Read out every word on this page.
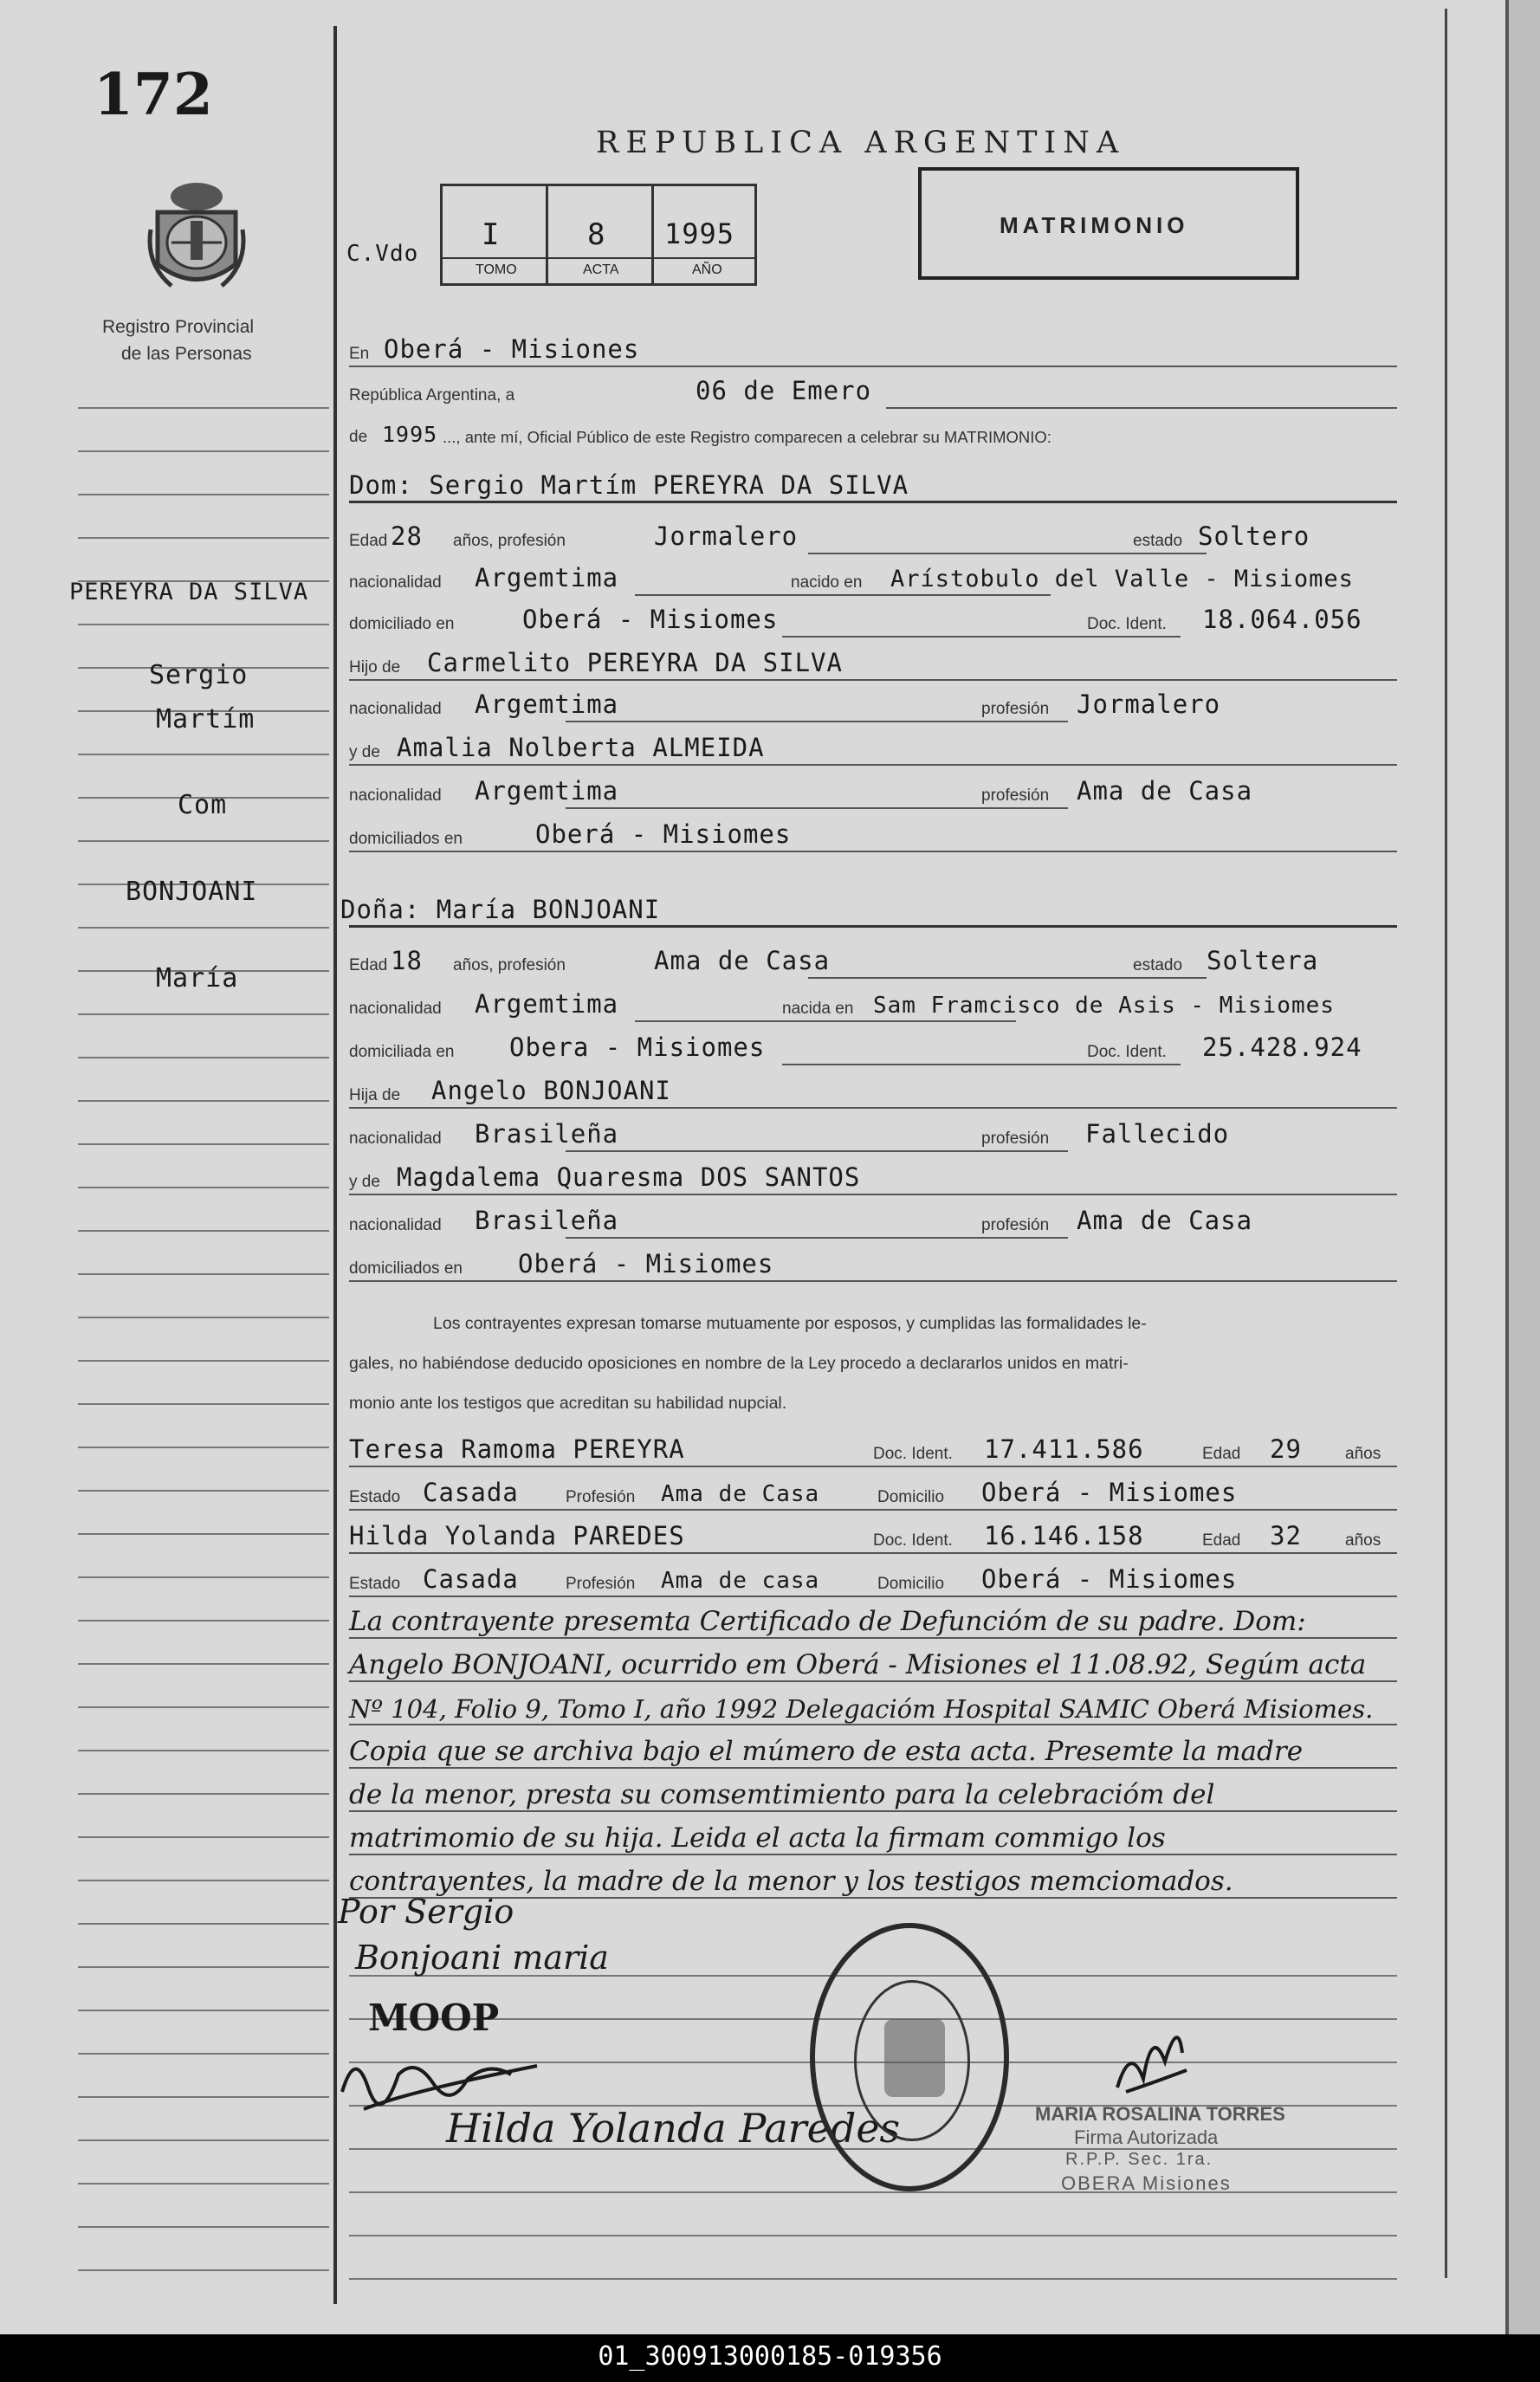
172
Registro Provincial
de las Personas
REPUBLICA ARGENTINA
C.Vdo
I	8 1995
TOMO	ACTA	AÑO
MATRIMONIO
En Oberá - Misiones
República Argentina, a	06 de Emero
de 1995 ..., ante mí, Oficial Público de este Registro comparecen a celebrar su MATRIMONIO:
Dom: Sergio Martím PEREYRA DA SILVA
Edad 28 años, profesión	Jormalero	estado Soltero
nacionalidad Argemtima	nacido en Arístobulo del Valle - Misiomes
domiciliado en	Oberá - Misiomes	Doc. Ident. 18.064.056
Hijo de Carmelito PEREYRA DA SILVA
nacionalidad Argemtima	profesión Jormalero
y de Amalia Nolberta ALMEIDA
nacionalidad Argemtima	profesión Ama de Casa
domiciliados en	Oberá - Misiomes
Doña: María BONJOANI
Edad 18 años, profesión	Ama de Casa	estado Soltera
nacionalidad Argemtima	nacida en Sam Framcisco de Asis - Misiomes
domiciliada en Obera - Misiomes	Doc. Ident. 25.428.924
Hija de Angelo BONJOANI
nacionalidad Brasileña	profesión Fallecido
y de Magdalema Quaresma DOS SANTOS
nacionalidad Brasileña	profesión Ama de Casa
domiciliados en Oberá - Misiomes
Los contrayentes expresan tomarse mutuamente por esposos, y cumplidas las formalidades le-
gales, no habiéndose deducido oposiciones en nombre de la Ley procedo a declararlos unidos en matri-
monio ante los testigos que acreditan su habilidad nupcial.
Teresa Ramoma PEREYRA	Doc. Ident. 17.411.586	Edad 29	años
Estado Casada	Profesión Ama de Casa	Domicilio Oberá - Misiomes
Hilda Yolanda PAREDES	Doc. Ident. 16.146.158	Edad 32	años
Estado Casada	Profesión Ama de casa	Domicilio Oberá - Misiomes
La contrayente presemta Certificado de Defuncióm de su padre. Dom:
Angelo BONJOANI, ocurrido em Oberá - Misiones el 11.08.92, Segúm acta
Nº 104, Folio 9, Tomo I, año 1992 Delegacióm Hospital SAMIC Oberá Misiomes.
Copia que se archiva bajo el múmero de esta acta. Presemte la madre
de la menor, presta su comsemtimiento para la celebracióm del
matrimomio de su hija. Leida el acta la firmam commigo los
contrayentes, la madre de la menor y los testigos memciomados.
Por Sergio
Bonjoani maria
MOOP
Hilda Yolanda Paredes	MARIA ROSALINA TORRES
Firma Autorizada
R.P.P. Sec. 1ra.
OBERA Misiones
PEREYRA DA SILVA
Sergio
Martím
Com
BONJOANI
María
01_300913000185-019356
